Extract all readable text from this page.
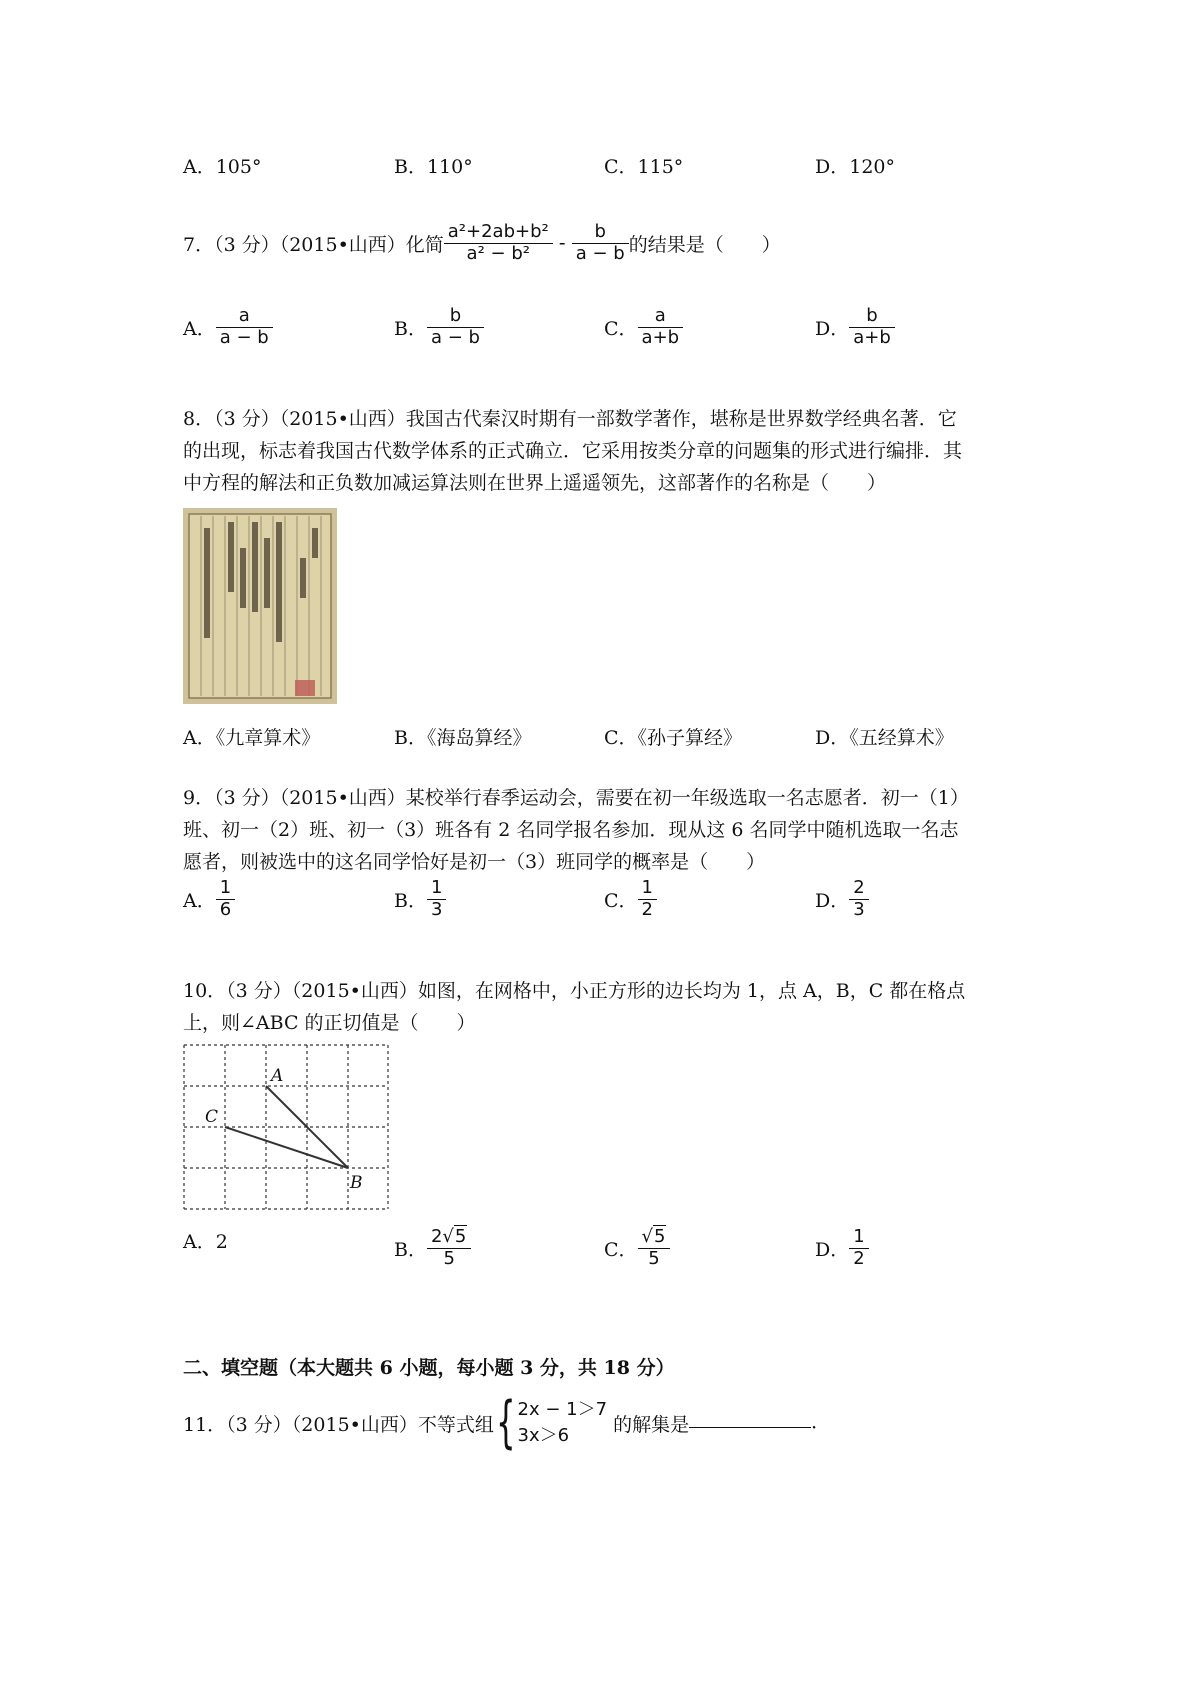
A．105°	B．110°	C．115°	D．120°
7．（3 分）（2015•山西）化简 $\frac{\text{a²+2ab+b²}}{\text{a² − b²}} - \frac{b}{a - b}$ 的结果是（　　）
A． $\frac{a}{a - b}$	B． $\frac{b}{a - b}$	C． $\frac{a}{a+b}$	D． $\frac{b}{a+b}$
8．（3 分）（2015•山西）我国古代秦汉时期有一部数学著作，堪称是世界数学经典名著．它
的出现，标志着我国古代数学体系的正式确立．它采用按类分章的问题集的形式进行编排．其
中方程的解法和正负数加减运算法则在世界上遥遥领先，这部著作的名称是（　　）
A．《九章算术》	B．《海岛算经》	C．《孙子算经》	D．《五经算术》
9．（3 分）（2015•山西）某校举行春季运动会，需要在初一年级选取一名志愿者．初一（1）
班、初一（2）班、初一（3）班各有 2 名同学报名参加．现从这 6 名同学中随机选取一名志
愿者，则被选中的这名同学恰好是初一（3）班同学的概率是（　　）
A． $\frac{1}{6}$	B． $\frac{1}{3}$	C． $\frac{1}{2}$	D． $\frac{2}{3}$
10．（3 分）（2015•山西）如图，在网格中，小正方形的边长均为 1，点 A，B，C 都在格点
上，则∠ABC 的正切值是（　　）
A
C
B
A．2	B． $\frac{2√5}{5}$	C． $\frac{√5}{5}$	D． $\frac{1}{2}$
二、填空题（本大题共 6 小题，每小题 3 分，共 18 分）
11．（3 分）（2015•山西）不等式组{ 2x − 1＞7
3x＞6	的解集是	．
